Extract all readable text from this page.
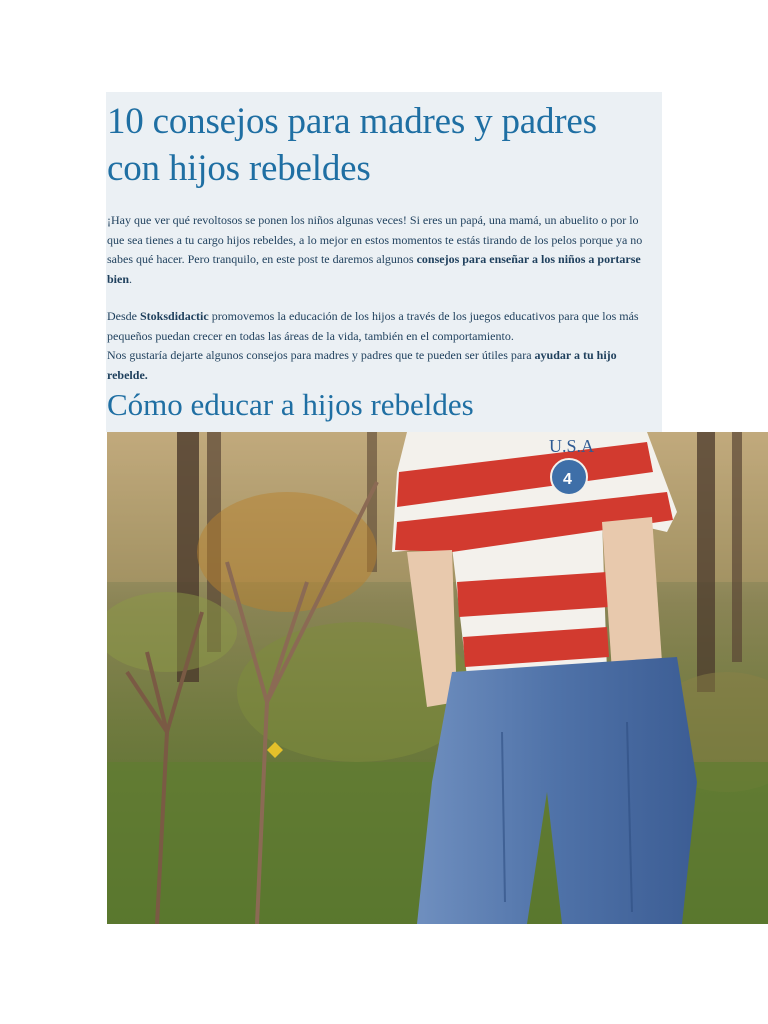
10 consejos para madres y padres con hijos rebeldes

¡Hay que ver qué revoltosos se ponen los niños algunas veces! Si eres un papá, una mamá, un abuelito o por lo que sea tienes a tu cargo hijos rebeldes, a lo mejor en estos momentos te estás tirando de los pelos porque ya no sabes qué hacer. Pero tranquilo, en este post te daremos algunos consejos para enseñar a los niños a portarse bien.

Desde Stoksdidactic promovemos la educación de los hijos a través de los juegos educativos para que los más pequeños puedan crecer en todas las áreas de la vida, también en el comportamiento.
Nos gustaría dejarte algunos consejos para madres y padres que te pueden ser útiles para ayudar a tu hijo rebelde.

Cómo educar a hijos rebeldes
U.S.A
4
